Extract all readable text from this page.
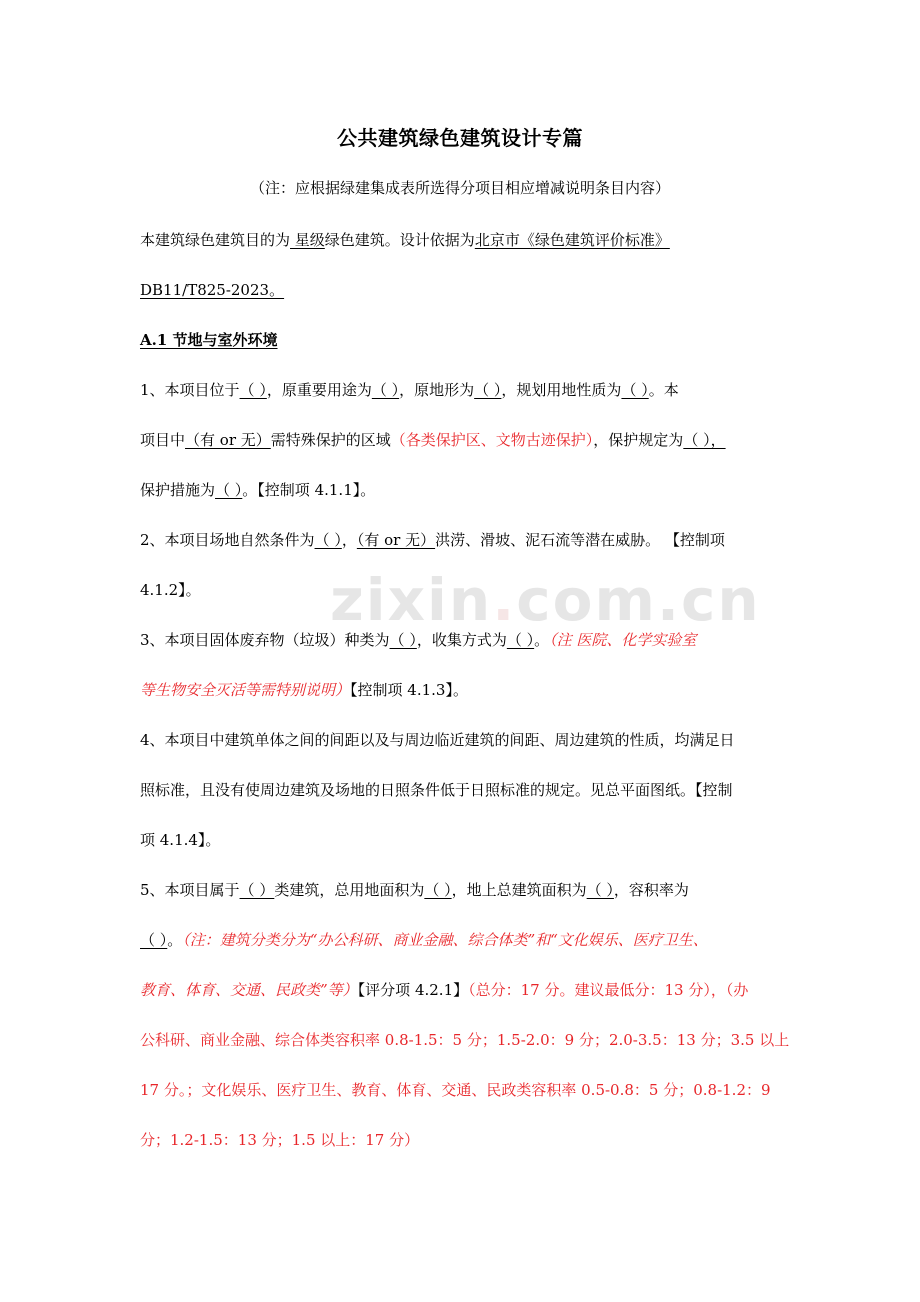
zixin.com.cn
公共建筑绿色建筑设计专篇
（注：应根据绿建集成表所选得分项目相应增减说明条目内容）
本建筑绿色建筑目的为 星级绿色建筑。设计依据为北京市《绿色建筑评价标准》
DB11/T825-2023。
A.1 节地与室外环境
1、本项目位于（ ），原重要用途为（ ），原地形为（ ），规划用地性质为（ ）。本
项目中（有 or 无）需特殊保护的区域（各类保护区、文物古迹保护），保护规定为（ ），
保护措施为（ ）。【控制项 4.1.1】。
2、本项目场地自然条件为（ ），（有 or 无）洪涝、滑坡、泥石流等潜在威胁。 【控制项
4.1.2】。
3、本项目固体废弃物（垃圾）种类为（ ），收集方式为（ ）。（注 医院、化学实验室
等生物安全灭活等需特别说明）【控制项 4.1.3】。
4、本项目中建筑单体之间的间距以及与周边临近建筑的间距、周边建筑的性质，均满足日
照标准，且没有使周边建筑及场地的日照条件低于日照标准的规定。见总平面图纸。【控制
项 4.1.4】。
5、本项目属于（ ）类建筑，总用地面积为（ ），地上总建筑面积为（ ），容积率为
（ ）。（注：建筑分类分为“办公科研、商业金融、综合体类”和“文化娱乐、医疗卫生、
教育、体育、交通、民政类”等）【评分项 4.2.1】（总分：17 分。建议最低分：13 分），（办
公科研、商业金融、综合体类容积率 0.8-1.5：5 分；1.5-2.0：9 分；2.0-3.5：13 分；3.5 以上
17 分。；文化娱乐、医疗卫生、教育、体育、交通、民政类容积率 0.5-0.8：5 分；0.8-1.2：9
分；1.2-1.5：13 分；1.5 以上：17 分）
